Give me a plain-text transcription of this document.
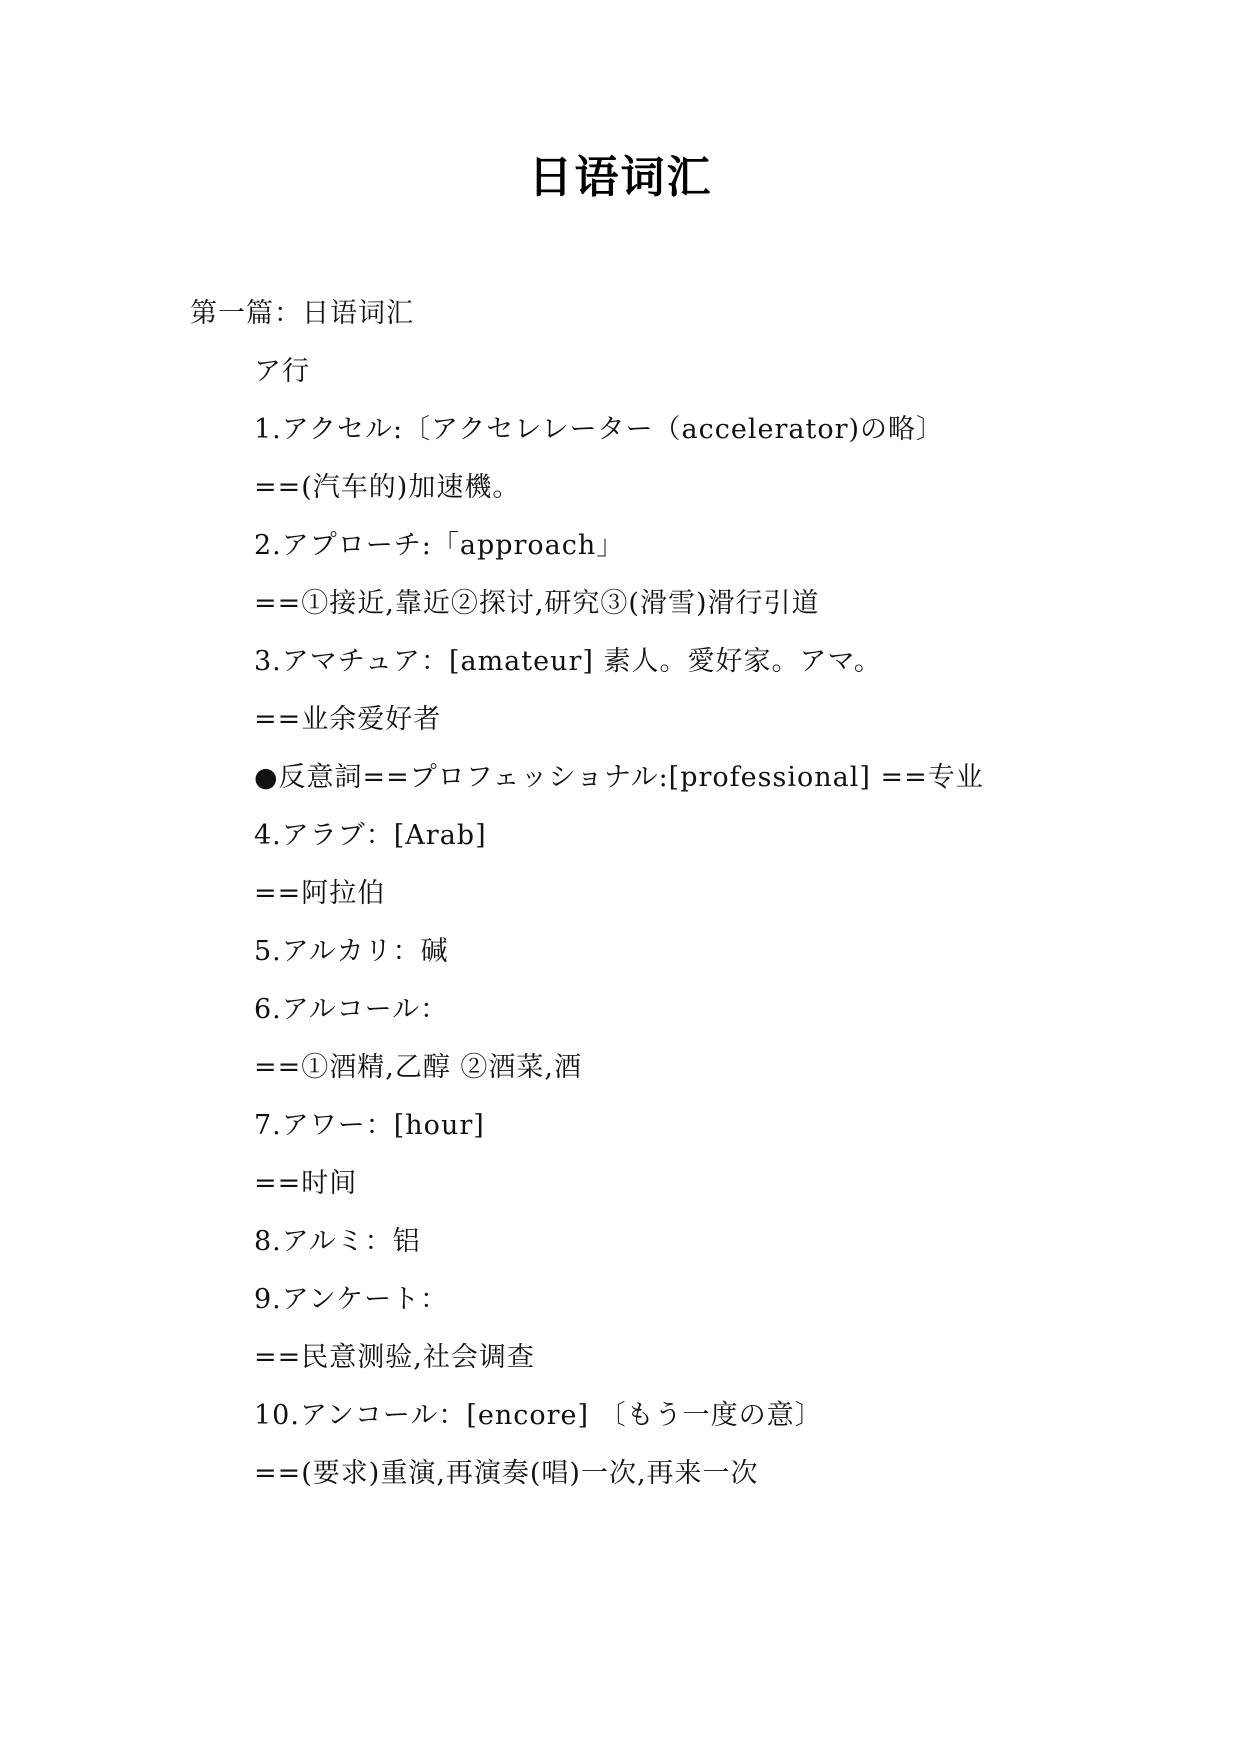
日语词汇
第一篇：日语词汇
ア行
1.アクセル:〔アクセレレーター（accelerator)の略〕
==(汽车的)加速機。
2.アプローチ:「approach」
==①接近,靠近②探讨,研究③(滑雪)滑行引道
3.アマチュア：[amateur] 素人。愛好家。アマ。
==业余爱好者
●反意詞==プロフェッショナル:[professional] ==专业
4.アラブ：[Arab]
==阿拉伯
5.アルカリ：碱
6.アルコール：
==①酒精,乙醇 ②酒菜,酒
7.アワー：[hour]
==时间
8.アルミ：铝
9.アンケート：
==民意测验,社会调查
10.アンコール：[encore] 〔もう一度の意〕
==(要求)重演,再演奏(唱)一次,再来一次
